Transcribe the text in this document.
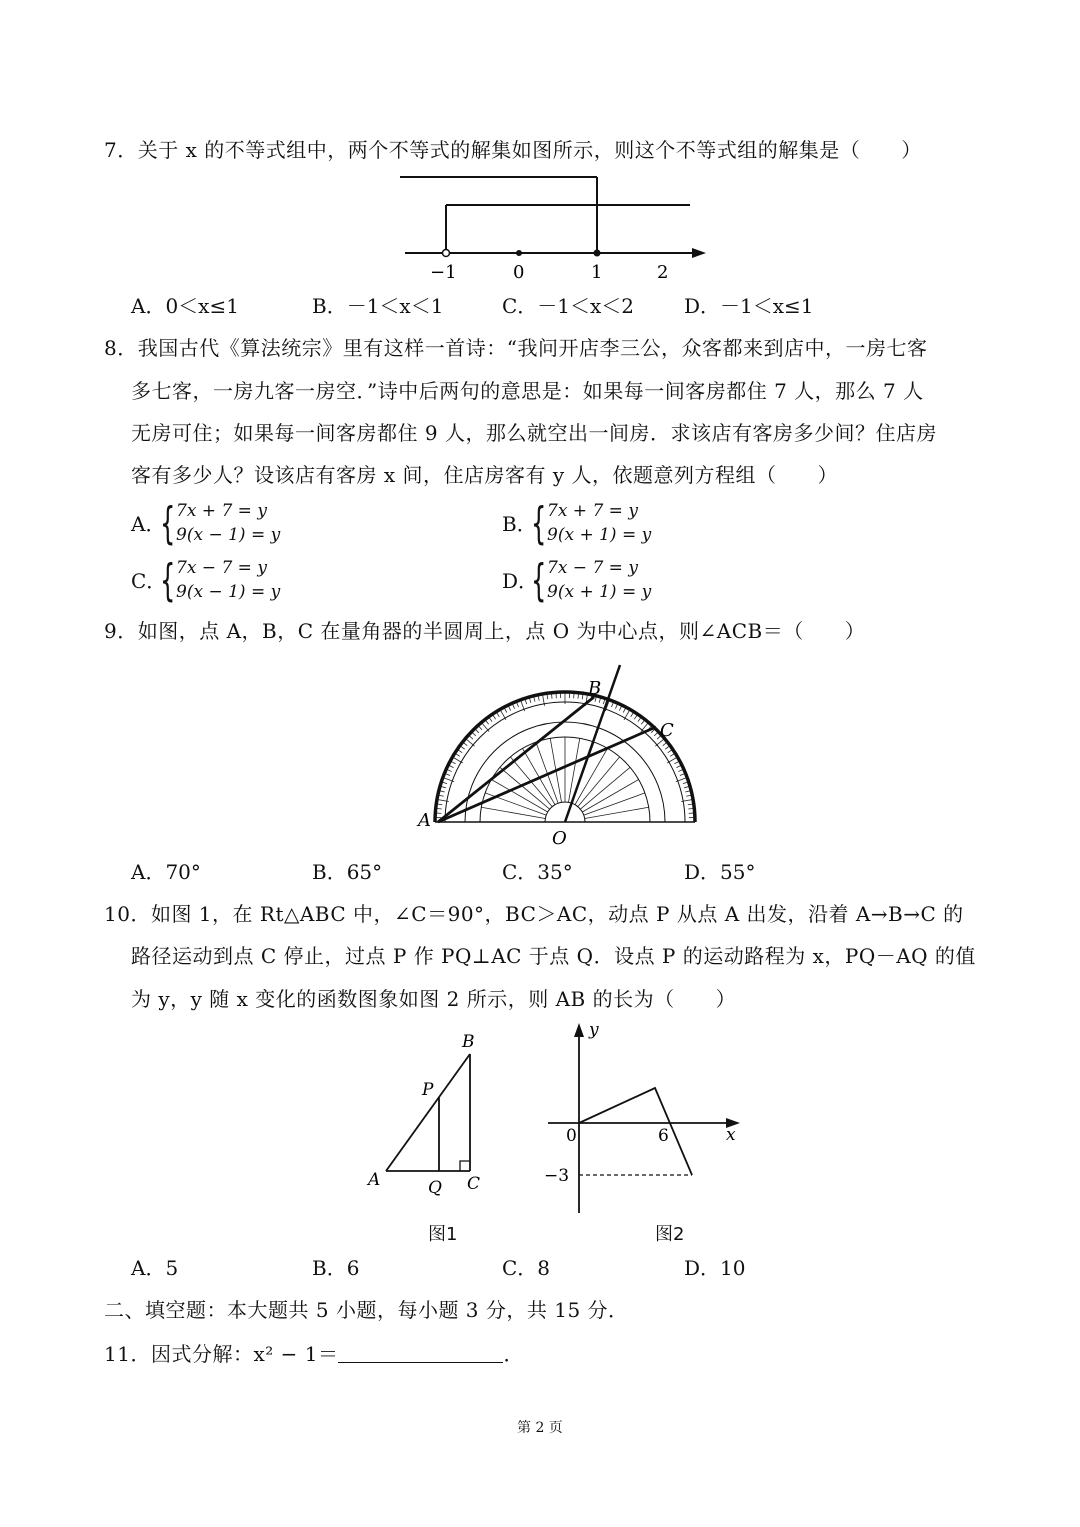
7．关于 x 的不等式组中，两个不等式的解集如图所示，则这个不等式组的解集是（　　）
−1	0	1	2
A．0＜x≤1	B．－1＜x＜1	C．－1＜x＜2 D．－1＜x≤1
8．我国古代《算法统宗》里有这样一首诗：“我问开店李三公，众客都来到店中，一房七客
多七客，一房九客一房空．”诗中后两句的意思是：如果每一间客房都住 7 人，那么 7 人
无房可住；如果每一间客房都住 9 人，那么就空出一间房．求该店有客房多少间？住店房
客有多少人？设该店有客房 x 间，住店房客有 y 人，依题意列方程组（　　）
A．
{ 7x + 7 = y
9(x − 1) = y	B．
{ 7x + 7 = y
9(x + 1) = y
C．
{ 7x − 7 = y
9(x − 1) = y	D．
{ 7x − 7 = y
9(x + 1) = y
9．如图，点 A，B，C 在量角器的半圆周上，点 O 为中心点，则∠ACB＝（　　）
A
B
C
O
A．70°	B．65°	C．35°	D．55°
10．如图 1，在 Rt△ABC 中，∠C＝90°，BC＞AC，动点 P 从点 A 出发，沿着 A→B→C 的
路径运动到点 C 停止，过点 P 作 PQ⊥AC 于点 Q．设点 P 的运动路程为 x，PQ－AQ 的值
为 y，y 随 x 变化的函数图象如图 2 所示，则 AB 的长为（　　）
B
P
A	Q C
y
x
0	6
−3
图1	图2
A．5	B．6	C．8	D．10
二、填空题：本大题共 5 小题，每小题 3 分，共 15 分．
11．因式分解：x² − 1＝	．
第 2 页
